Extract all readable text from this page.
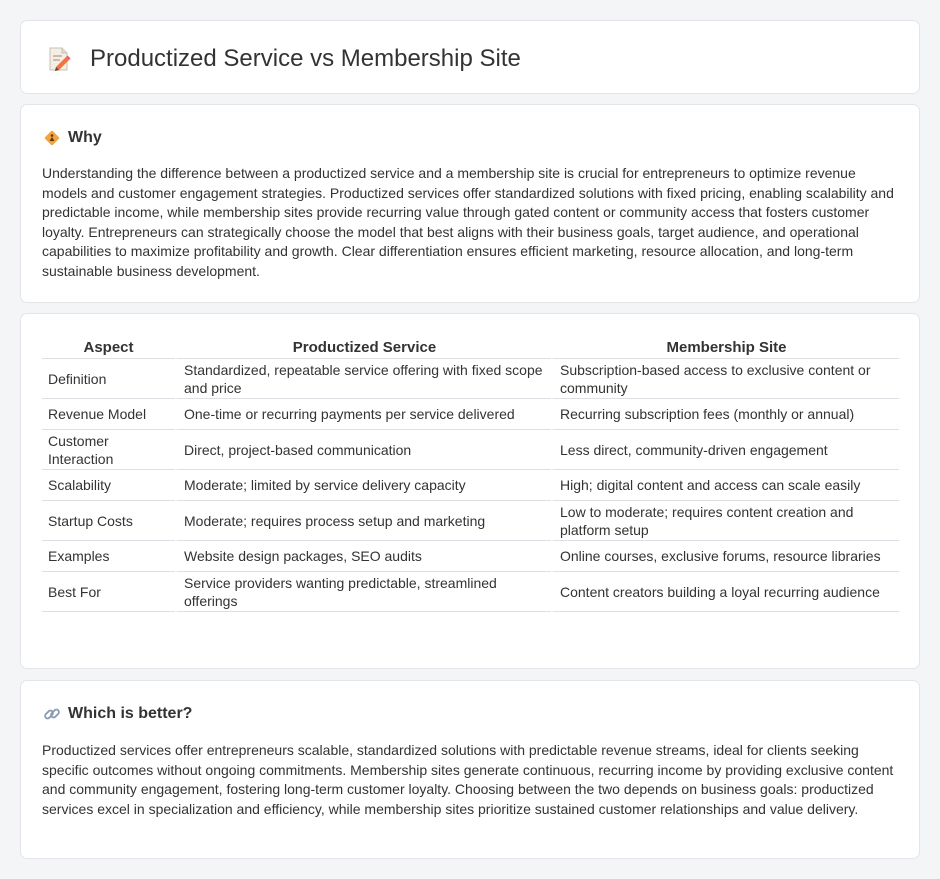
Productized Service vs Membership Site
Why

Understanding the difference between a productized service and a membership site is crucial for entrepreneurs to optimize revenue models and customer engagement strategies. Productized services offer standardized solutions with fixed pricing, enabling scalability and predictable income, while membership sites provide recurring value through gated content or community access that fosters customer loyalty. Entrepreneurs can strategically choose the model that best aligns with their business goals, target audience, and operational capabilities to maximize profitability and growth. Clear differentiation ensures efficient marketing, resource allocation, and long-term sustainable business development.

Aspect	Productized Service	Membership Site
Definition	Standardized, repeatable service offering with fixed scope and price	Subscription-based access to exclusive content or community
Revenue Model	One-time or recurring payments per service delivered	Recurring subscription fees (monthly or annual)
Customer Interaction	Direct, project-based communication	Less direct, community-driven engagement
Scalability	Moderate; limited by service delivery capacity	High; digital content and access can scale easily
Startup Costs	Moderate; requires process setup and marketing	Low to moderate; requires content creation and platform setup
Examples	Website design packages, SEO audits	Online courses, exclusive forums, resource libraries
Best For	Service providers wanting predictable, streamlined offerings	Content creators building a loyal recurring audience
Which is better?

Productized services offer entrepreneurs scalable, standardized solutions with predictable revenue streams, ideal for clients seeking specific outcomes without ongoing commitments. Membership sites generate continuous, recurring income by providing exclusive content and community engagement, fostering long-term customer loyalty. Choosing between the two depends on business goals: productized services excel in specialization and efficiency, while membership sites prioritize sustained customer relationships and value delivery.
